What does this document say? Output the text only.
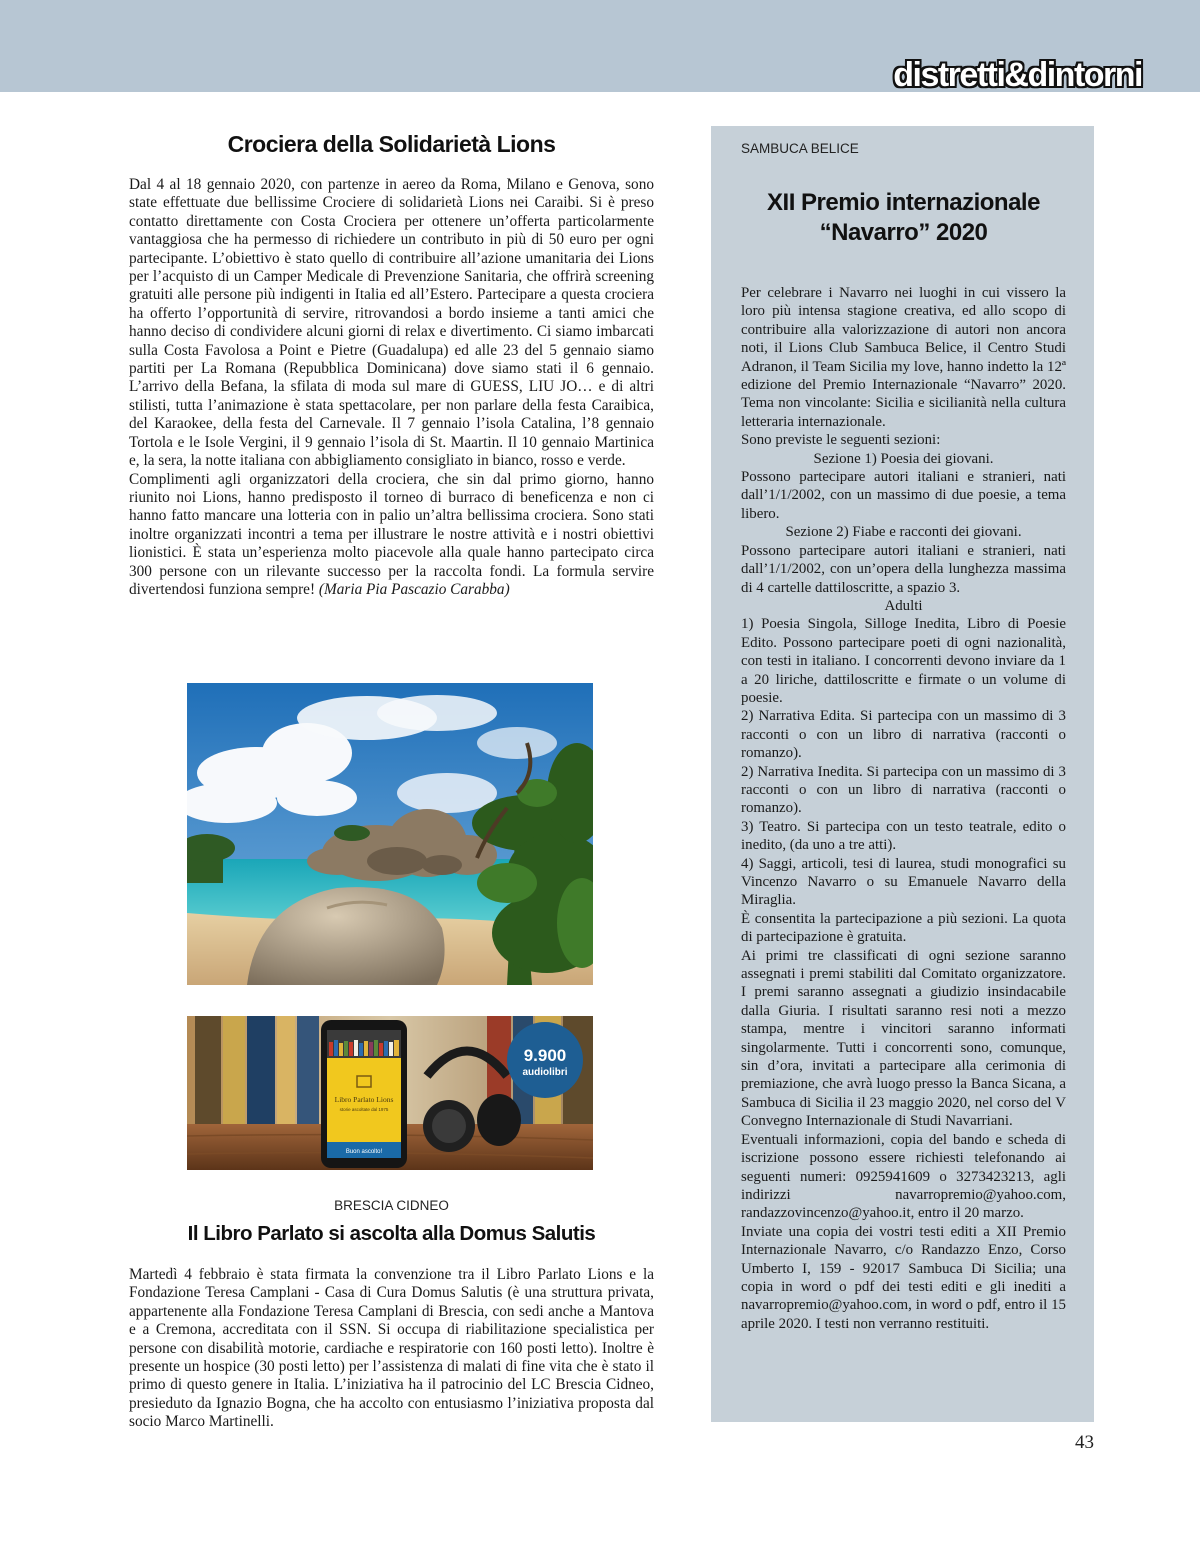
distretti&dintorni
Crociera della Solidarietà Lions

Dal 4 al 18 gennaio 2020, con partenze in aereo da Roma, Milano e Genova, sono state effettuate due bellissime Crociere di solidarietà Lions nei Caraibi. Si è preso contatto direttamente con Costa Crociera per ottenere un’offerta particolarmente vantaggiosa che ha permesso di richiedere un contributo in più di 50 euro per ogni partecipante. L’obiettivo è stato quello di contribuire all’azione umanitaria dei Lions per l’acquisto di un Camper Medicale di Prevenzione Sanitaria, che offrirà screening gratuiti alle persone più indigenti in Italia ed all’Estero. Partecipare a questa crociera ha offerto l’opportunità di servire, ritrovandosi a bordo insieme a tanti amici che hanno deciso di condividere alcuni giorni di relax e divertimento. Ci siamo imbarcati sulla Costa Favolosa a Point e Pietre (Guadalupa) ed alle 23 del 5 gennaio siamo partiti per La Romana (Repubblica Dominicana) dove siamo stati il 6 gennaio. L’arrivo della Befana, la sfilata di moda sul mare di GUESS, LIU JO… e di altri stilisti, tutta l’animazione è stata spettacolare, per non parlare della festa Caraibica, del Karaokee, della festa del Carnevale. Il 7 gennaio l’isola Catalina, l’8 gennaio Tortola e le Isole Vergini, il 9 gennaio l’isola di St. Maartin. Il 10 gennaio Martinica e, la sera, la notte italiana con abbigliamento consigliato in bianco, rosso e verde.

Complimenti agli organizzatori della crociera, che sin dal primo giorno, hanno riunito noi Lions, hanno predisposto il torneo di burraco di beneficenza e non ci hanno fatto mancare una lotteria con in palio un’altra bellissima crociera. Sono stati inoltre organizzati incontri a tema per illustrare le nostre attività e i nostri obiettivi lionistici. È stata un’esperienza molto piacevole alla quale hanno partecipato circa 300 persone con un rilevante successo per la raccolta fondi. La formula servire divertendosi funziona sempre! (Maria Pia Pascazio Carabba)

Libro Parlato Lions
storie ascoltate dal 1975
Buon ascolto!
9.900
audiolibri
BRESCIA CIDNEO
Il Libro Parlato si ascolta alla Domus Salutis

Martedì 4 febbraio è stata firmata la convenzione tra il Libro Parlato Lions e la Fondazione Teresa Camplani - Casa di Cura Domus Salutis (è una struttura privata, appartenente alla Fondazione Teresa Camplani di Brescia, con sedi anche a Mantova e a Cremona, accreditata con il SSN. Si occupa di riabilitazione specialistica per persone con disabilità motorie, cardiache e respiratorie con 160 posti letto). Inoltre è presente un hospice (30 posti letto) per l’assistenza di malati di fine vita che è stato il primo di questo genere in Italia. L’iniziativa ha il patrocinio del LC Brescia Cidneo, presieduto da Ignazio Bogna, che ha accolto con entusiasmo l’iniziativa proposta dal socio Marco Martinelli.

SAMBUCA BELICE
XII Premio internazionale
“Navarro” 2020

Per celebrare i Navarro nei luoghi in cui vissero la loro più intensa stagione creativa, ed allo scopo di contribuire alla valorizzazione di autori non ancora noti, il Lions Club Sambuca Belice, il Centro Studi Adranon, il Team Sicilia my love, hanno indetto la 12ª edizione del Premio Internazionale “Navarro” 2020. Tema non vincolante: Sicilia e sicilianità nella cultura letteraria internazionale.

Sono previste le seguenti sezioni:

Sezione 1) Poesia dei giovani.

Possono partecipare autori italiani e stranieri, nati dall’1/1/2002, con un massimo di due poesie, a tema libero.

Sezione 2) Fiabe e racconti dei giovani.

Possono partecipare autori italiani e stranieri, nati dall’1/1/2002, con un’opera della lunghezza massima di 4 cartelle dattiloscritte, a spazio 3.

Adulti

1) Poesia Singola, Silloge Inedita, Libro di Poesie Edito. Possono partecipare poeti di ogni nazionalità, con testi in italiano. I concorrenti devono inviare da 1 a 20 liriche, dattiloscritte e firmate o un volume di poesie.

2) Narrativa Edita. Si partecipa con un massimo di 3 racconti o con un libro di narrativa (racconti o romanzo).

2) Narrativa Inedita. Si partecipa con un massimo di 3 racconti o con un libro di narrativa (racconti o romanzo).

3) Teatro. Si partecipa con un testo teatrale, edito o inedito, (da uno a tre atti).

4) Saggi, articoli, tesi di laurea, studi monografici su Vincenzo Navarro o su Emanuele Navarro della Miraglia.

È consentita la partecipazione a più sezioni. La quota di partecipazione è gratuita.

Ai primi tre classificati di ogni sezione saranno assegnati i premi stabiliti dal Comitato organizzatore. I premi saranno assegnati a giudizio insindacabile dalla Giuria. I risultati saranno resi noti a mezzo stampa, mentre i vincitori saranno informati singolarmente. Tutti i concorrenti sono, comunque, sin d’ora, invitati a partecipare alla cerimonia di premiazione, che avrà luogo presso la Banca Sicana, a Sambuca di Sicilia il 23 maggio 2020, nel corso del V Convegno Internazionale di Studi Navarriani.

Eventuali informazioni, copia del bando e scheda di iscrizione possono essere richiesti telefonando ai seguenti numeri: 0925941609 o 3273423213, agli indirizzi navarropremio@yahoo.com, randazzovincenzo@yahoo.it, entro il 20 marzo.

Inviate una copia dei vostri testi editi a XII Premio Internazionale Navarro, c/o Randazzo Enzo, Corso Umberto I, 159 - 92017 Sambuca Di Sicilia; una copia in word o pdf dei testi editi e gli inediti a navarropremio@yahoo.com, in word o pdf, entro il 15 aprile 2020. I testi non verranno restituiti.

43
